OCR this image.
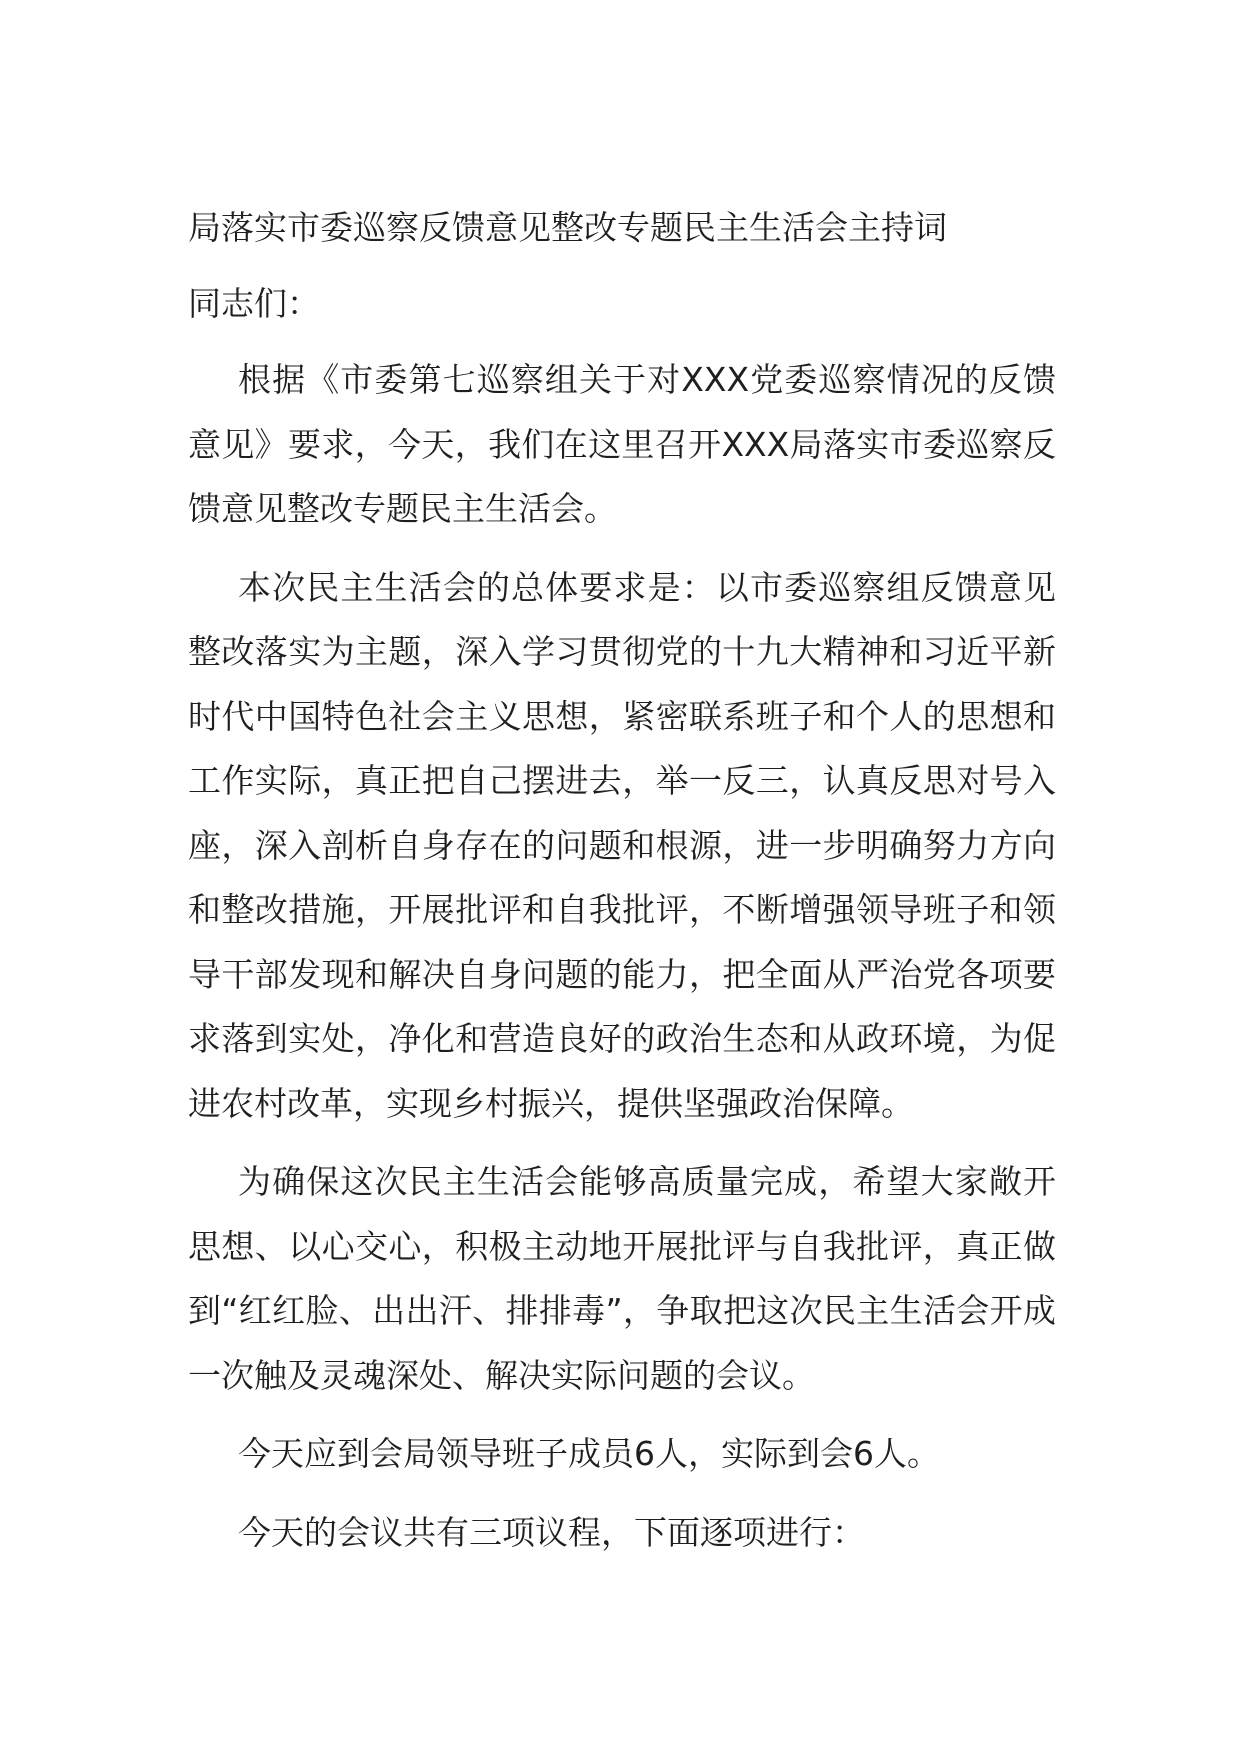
局落实市委巡察反馈意见整改专题民主生活会主持词
同志们：

根据《市委第七巡察组关于对XXX党委巡察情况的反馈意见》要求，今天，我们在这里召开XXX局落实市委巡察反馈意见整改专题民主生活会。

本次民主生活会的总体要求是：以市委巡察组反馈意见整改落实为主题，深入学习贯彻党的十九大精神和习近平新时代中国特色社会主义思想，紧密联系班子和个人的思想和工作实际，真正把自己摆进去，举一反三，认真反思对号入座，深入剖析自身存在的问题和根源，进一步明确努力方向和整改措施，开展批评和自我批评，不断增强领导班子和领导干部发现和解决自身问题的能力，把全面从严治党各项要求落到实处，净化和营造良好的政治生态和从政环境，为促进农村改革，实现乡村振兴，提供坚强政治保障。

为确保这次民主生活会能够高质量完成，希望大家敞开思想、以心交心，积极主动地开展批评与自我批评，真正做到“红红脸、出出汗、排排毒”，争取把这次民主生活会开成一次触及灵魂深处、解决实际问题的会议。

今天应到会局领导班子成员6人，实际到会6人。

今天的会议共有三项议程，下面逐项进行：
